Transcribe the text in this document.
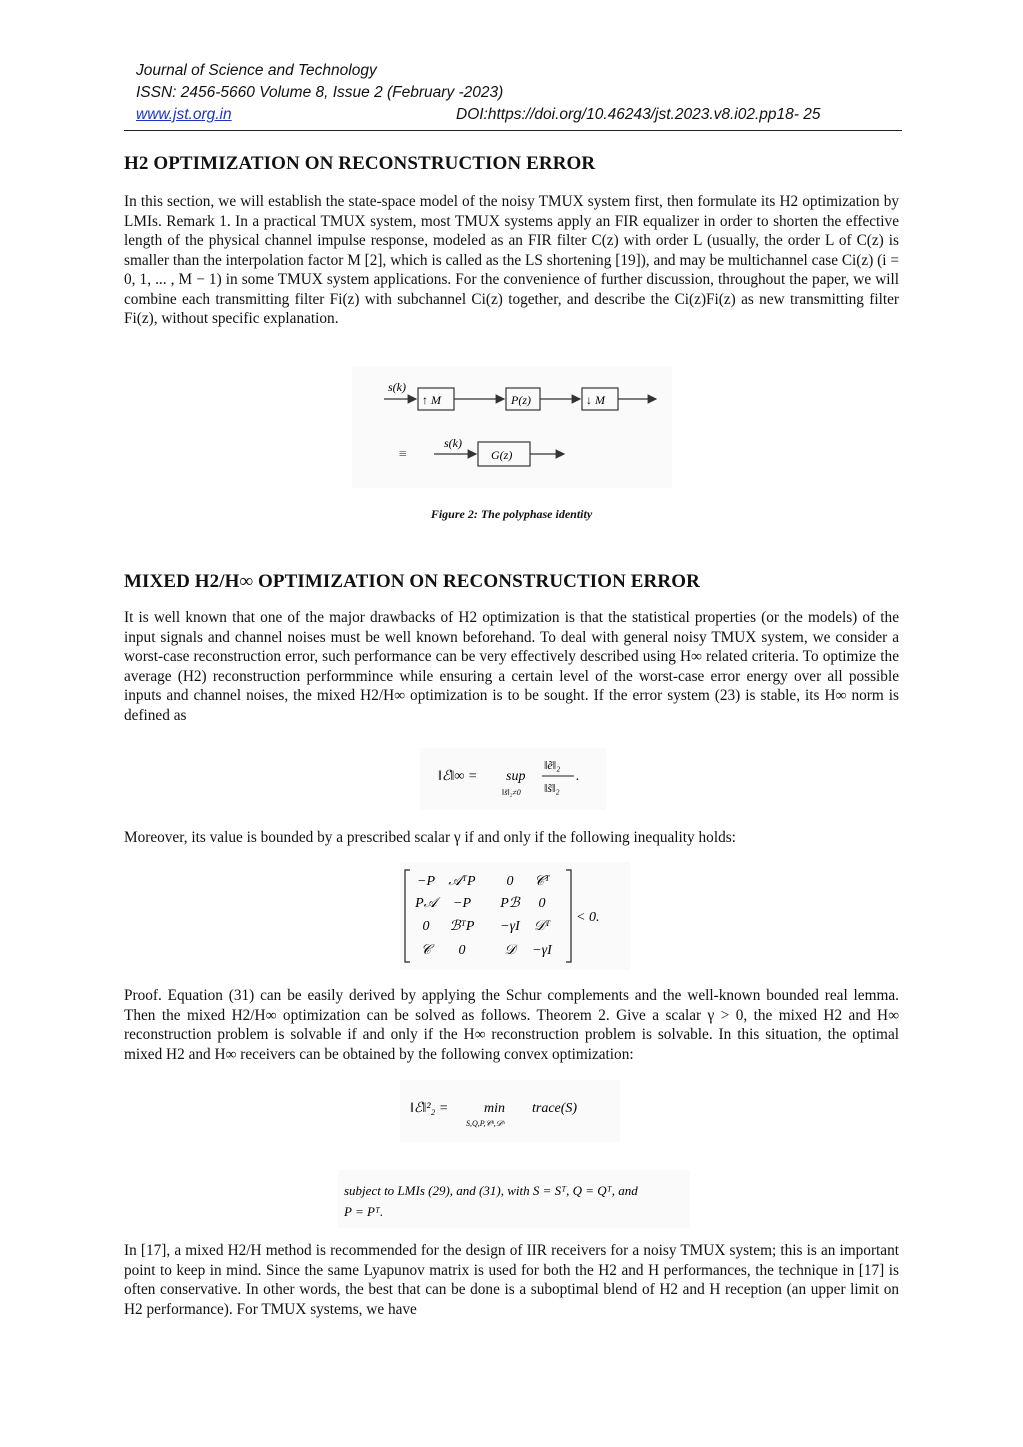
Journal of Science and Technology
ISSN: 2456-5660 Volume 8, Issue 2 (February -2023)
www.jst.org.in	DOI:https://doi.org/10.46243/jst.2023.v8.i02.pp18- 25
H2 OPTIMIZATION ON RECONSTRUCTION ERROR

In this section, we will establish the state-space model of the noisy TMUX system first, then formulate its H2 optimization by LMIs. Remark 1. In a practical TMUX system, most TMUX systems apply an FIR equalizer in order to shorten the effective length of the physical channel impulse response, modeled as an FIR filter C(z) with order L (usually, the order L of C(z) is smaller than the interpolation factor M [2], which is called as the LS shortening [19]), and may be multichannel case Ci(z) (i = 0, 1, ... , M − 1) in some TMUX system applications. For the convenience of further discussion, throughout the paper, we will combine each transmitting filter Fi(z) with subchannel Ci(z) together, and describe the Ci(z)Fi(z) as new transmitting filter Fi(z), without specific explanation.

s(k)
↑ M	P(z)	↓ M
≡
s(k)
G(z)
Figure 2: The polyphase identity
MIXED H2/H∞ OPTIMIZATION ON RECONSTRUCTION ERROR

It is well known that one of the major drawbacks of H2 optimization is that the statistical properties (or the models) of the input signals and channel noises must be well known beforehand. To deal with general noisy TMUX system, we consider a worst-case reconstruction error, such performance can be very effectively described using H∞ related criteria. To optimize the average (H2) reconstruction performmince while ensuring a certain level of the worst-case error energy over all possible inputs and channel noises, the mixed H2/H∞ optimization is to be sought. If the error system (23) is stable, its H∞ norm is defined as

‖ℰ‖∞ = sup
‖s̃‖₂≠0
‖ẽ‖₂
‖s̃‖₂
.

Moreover, its value is bounded by a prescribed scalar γ if and only if the following inequality holds:

−P 𝒜ᵀP 0 𝒞ᵀ
P𝒜 −P Pℬ 0
0 ℬᵀP −γI 𝒟ᵀ
𝒞 0	𝒟 −γI
< 0.

Proof. Equation (31) can be easily derived by applying the Schur complements and the well-known bounded real lemma. Then the mixed H2/H∞ optimization can be solved as follows. Theorem 2. Give a scalar γ > 0, the mixed H2 and H∞ reconstruction problem is solvable if and only if the H∞ reconstruction problem is solvable. In this situation, the optimal mixed H2 and H∞ receivers can be obtained by the following convex optimization:

‖ℰ‖²₂ =	min
S,Q,P,𝒞ʰ,𝒟ʰ
trace(S)
subject to LMIs (29), and (31), with S = Sᵀ, Q = Qᵀ, and
P = Pᵀ.

In [17], a mixed H2/H method is recommended for the design of IIR receivers for a noisy TMUX system; this is an important point to keep in mind. Since the same Lyapunov matrix is used for both the H2 and H performances, the technique in [17] is often conservative. In other words, the best that can be done is a suboptimal blend of H2 and H reception (an upper limit on H2 performance). For TMUX systems, we have
